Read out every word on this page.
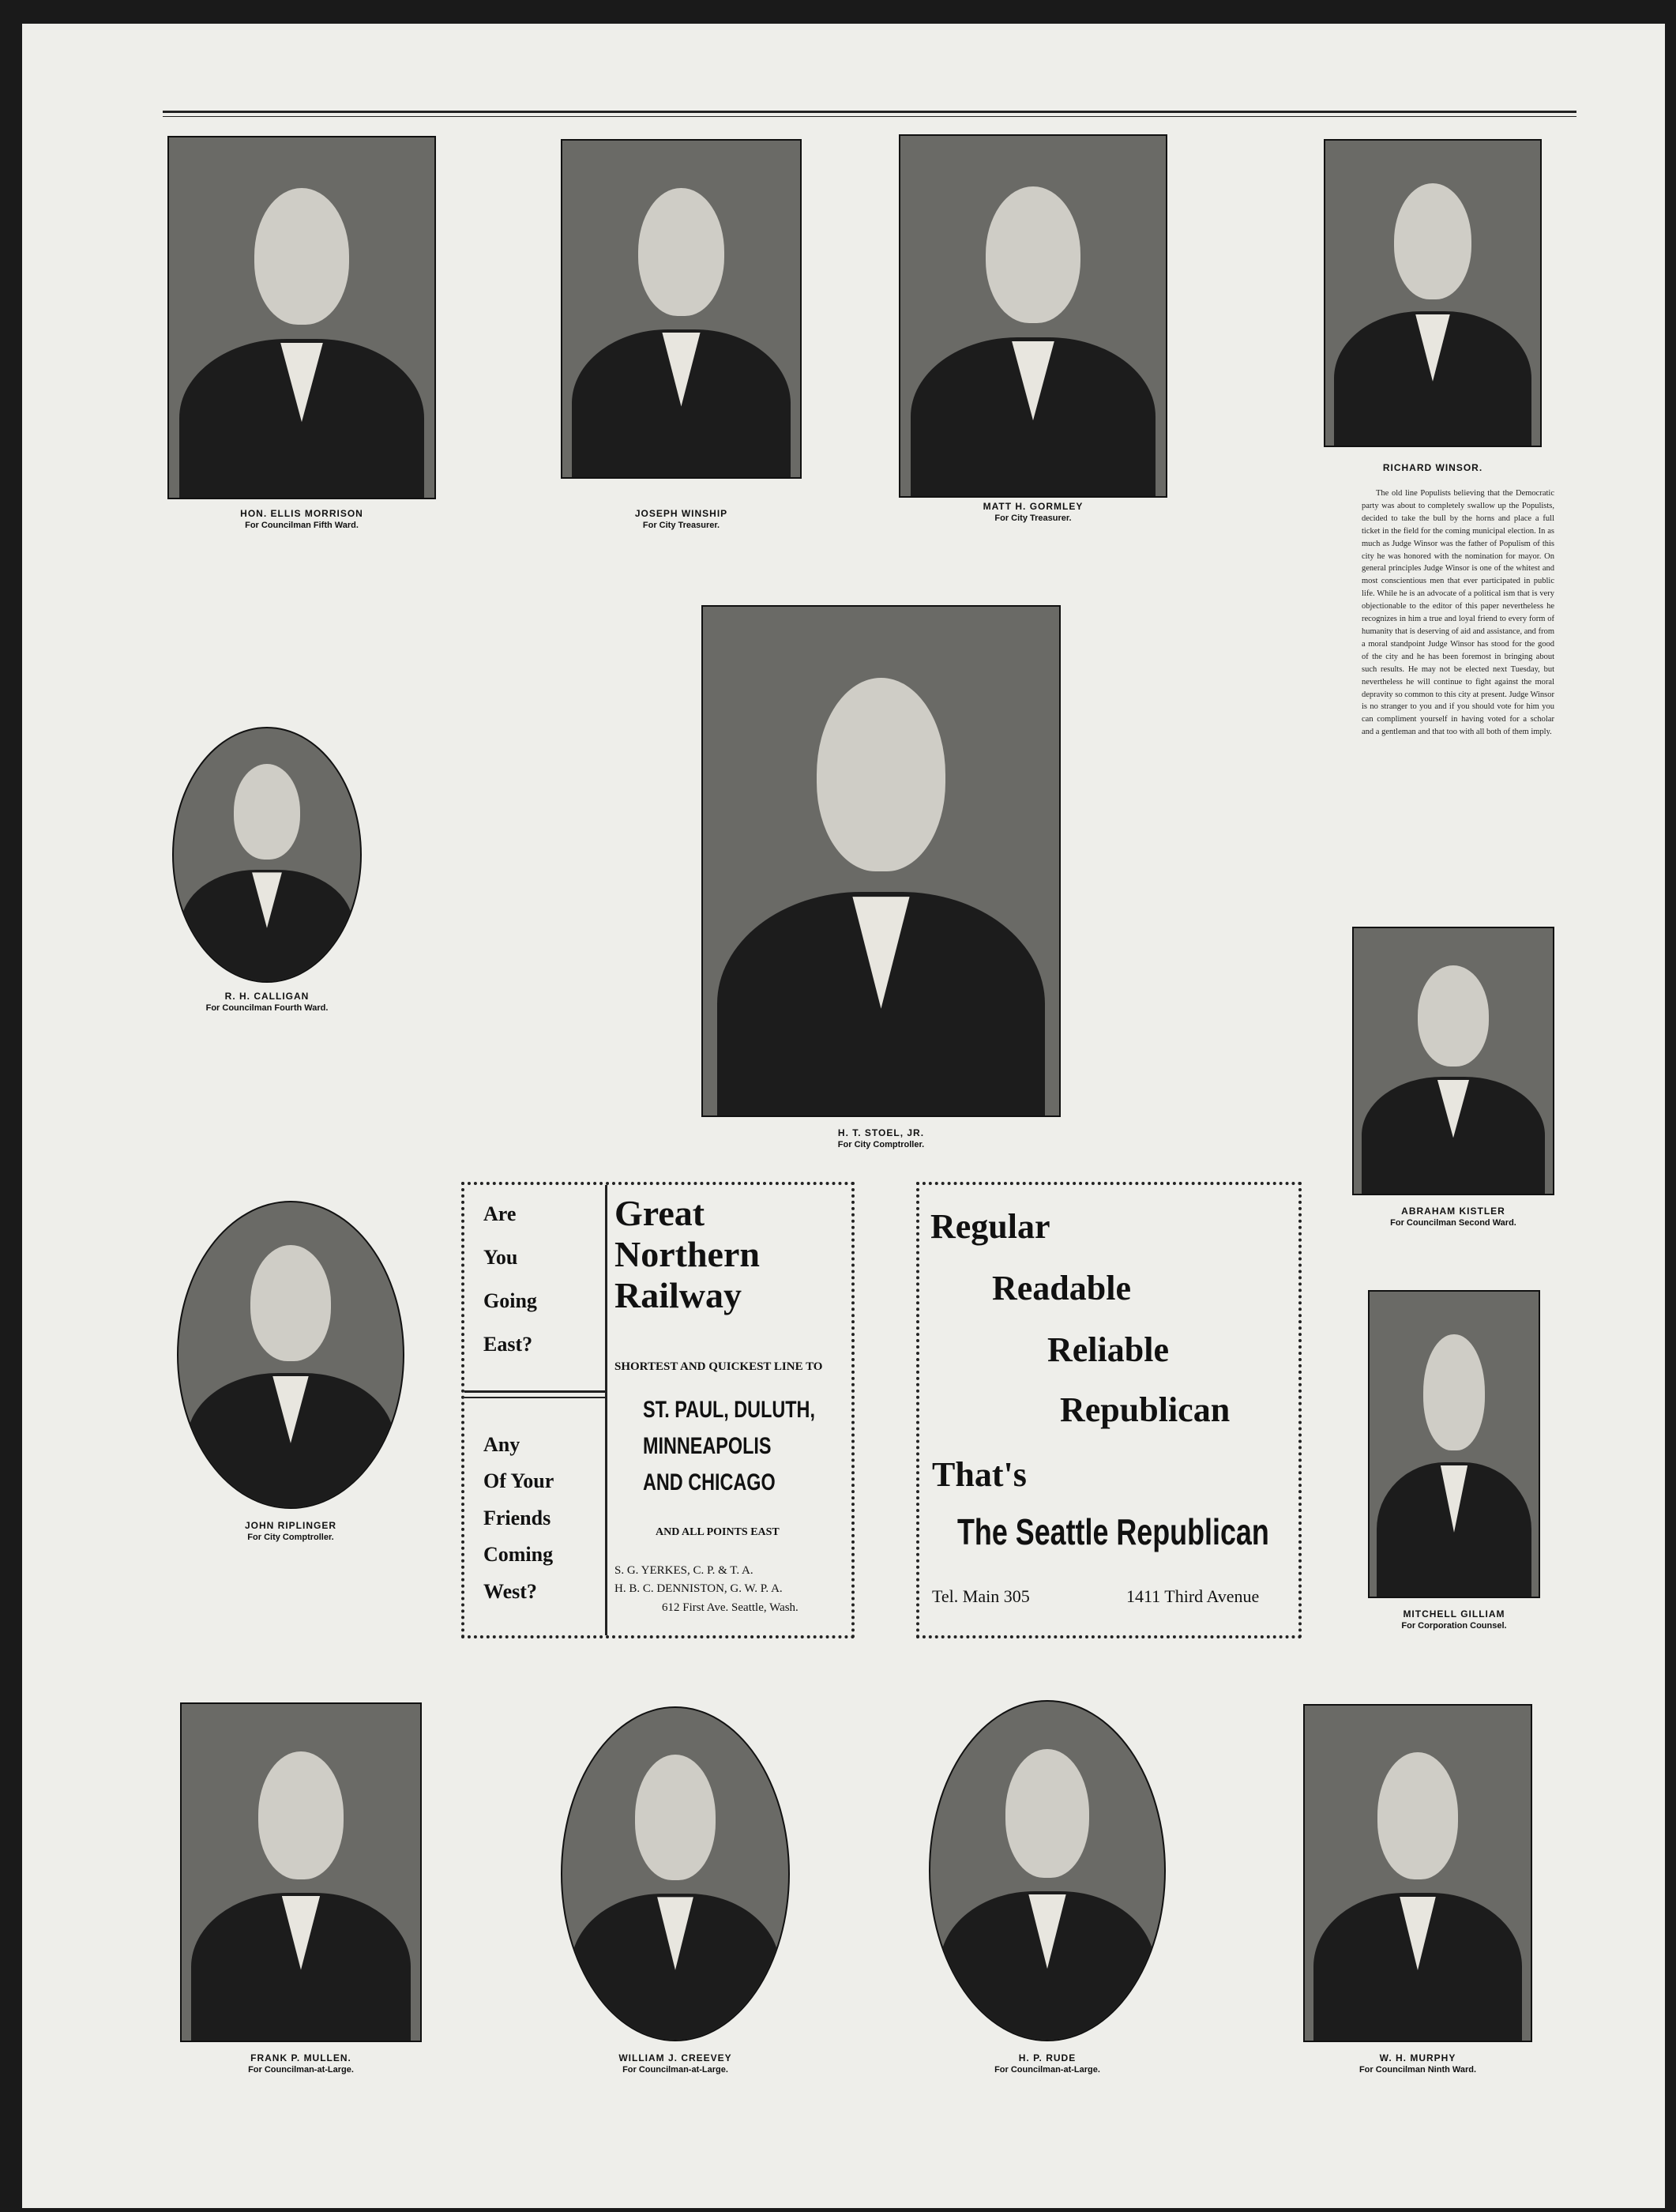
HON. ELLIS MORRISON
For Councilman Fifth Ward.
JOSEPH WINSHIP
For City Treasurer.
MATT H. GORMLEY
For City Treasurer.
RICHARD WINSOR.

The old line Populists believing that the Democratic party was about to completely swallow up the Populists, decided to take the bull by the horns and place a full ticket in the field for the coming municipal election. In as much as Judge Winsor was the father of Populism of this city he was honored with the nomination for mayor. On general principles Judge Winsor is one of the whitest and most conscientious men that ever participated in public life. While he is an advocate of a political ism that is very objectionable to the editor of this paper nevertheless he recognizes in him a true and loyal friend to every form of humanity that is deserving of aid and assistance, and from a moral standpoint Judge Winsor has stood for the good of the city and he has been foremost in bringing about such results. He may not be elected next Tuesday, but nevertheless he will continue to fight against the moral depravity so common to this city at present. Judge Winsor is no stranger to you and if you should vote for him you can compliment yourself in having voted for a scholar and a gentleman and that too with all both of them imply.

R. H. CALLIGAN
For Councilman Fourth Ward.
H. T. STOEL, JR.
For City Comptroller.
ABRAHAM KISTLER
For Councilman Second Ward.
JOHN RIPLINGER
For City Comptroller.
MITCHELL GILLIAM
For Corporation Counsel.
FRANK P. MULLEN.
For Councilman-at-Large.
WILLIAM J. CREEVEY
For Councilman-at-Large.
H. P. RUDE
For Councilman-at-Large.
W. H. MURPHY
For Councilman Ninth Ward.
Are
You
Going
East?
Any
Of Your
Friends
Coming
West?
Great
Northern
Railway
SHORTEST AND QUICKEST LINE TO
ST. PAUL, DULUTH,
MINNEAPOLIS
AND CHICAGO
AND ALL POINTS EAST
S. G. YERKES, C. P. & T. A.
H. B. C. DENNISTON, G. W. P. A.
612 First Ave. Seattle, Wash.
Regular
Readable
Reliable
Republican
That's
The Seattle Republican
Tel. Main 305	1411 Third Avenue
